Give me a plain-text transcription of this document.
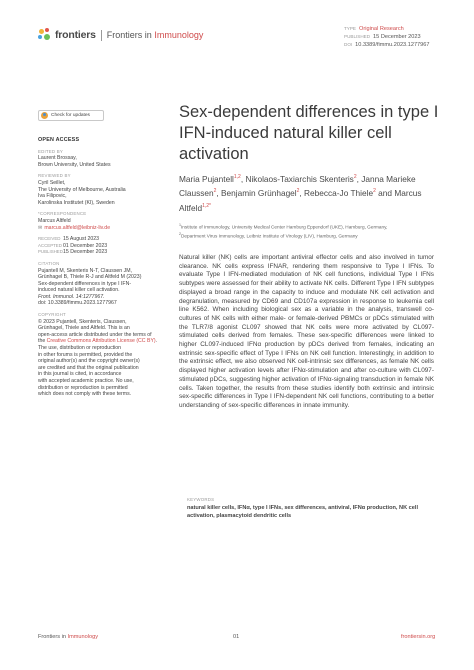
frontiers Frontiers in Immunology
TYPE Original Research
PUBLISHED 15 December 2023
DOI 10.3389/fimmu.2023.1277967
Check for updates
OPEN ACCESS
EDITED BY
Laurent Brossay,
Brown University, United States
REVIEWED BY
Cyril Seillet,
The University of Melbourne, Australia
Iva Filipovic,
Karolinska Institutet (KI), Sweden
*CORRESPONDENCE
Marcus Altfeld
✉ marcus.altfeld@leibniz-liv.de
RECEIVED 15 August 2023
ACCEPTED01 December 2023
PUBLISHED15 December 2023
CITATION
Pujantell M, Skenteris N-T, Claussen JM,
Grünhagel B, Thiele R-J and Altfeld M (2023)
Sex-dependent differences in type I IFN-
induced natural killer cell activation.
Front. Immunol. 14:1277967.
doi: 10.3389/fimmu.2023.1277967
COPYRIGHT
© 2023 Pujantell, Skenteris, Claussen,
Grünhagel, Thiele and Altfeld. This is an
open-access article distributed under the terms of
the Creative Commons Attribution License (CC BY). The use, distribution or reproduction
in other forums is permitted, provided the
original author(s) and the copyright owner(s)
are credited and that the original publication
in this journal is cited, in accordance
with accepted academic practice. No use,
distribution or reproduction is permitted
which does not comply with these terms.
Sex-dependent differences in type I IFN-induced natural killer cell activation
Maria Pujantell$^{1,2}$, Nikolaos-Taxiarchis Skenteris$^2$, Janna Marieke Claussen$^2$, Benjamin Grünhagel$^2$, Rebecca-Jo Thiele$^2$ and Marcus Altfeld$^{1,2*}$
$^1$Institute of Immunology, University Medical Center Hamburg Eppendorf (UKE), Hamburg, Germany, $^2$Department Virus Immunology, Leibniz Institute of Virology (LIV), Hamburg, Germany
Natural killer (NK) cells are important antiviral effector cells and also involved in tumor clearance. NK cells express IFNAR, rendering them responsive to Type I IFNs. To evaluate Type I IFN-mediated modulation of NK cell functions, individual Type I IFNs subtypes were assessed for their ability to activate NK cells. Different Type I IFN subtypes displayed a broad range in the capacity to induce and modulate NK cell activation and degranulation, measured by CD69 and CD107a expression in response to leukemia cell line K562. When including biological sex as a variable in the analysis, transwell co-cultures of NK cells with either male- or female-derived PBMCs or pDCs stimulated with the TLR7/8 agonist CL097 showed that NK cells were more activated by CL097-stimulated cells derived from females. These sex-specific differences were linked to higher CL097-induced IFNα production by pDCs derived from females, indicating an extrinsic sex-specific effect of Type I IFNs on NK cell function. Interestingly, in addition to the extrinsic effect, we also observed NK cell-intrinsic sex differences, as female NK cells displayed higher activation levels after IFNα-stimulation and after co-culture with CL097-stimulated pDCs, suggesting higher activation of IFNα-signaling transduction in female NK cells. Taken together, the results from these studies identify both extrinsic and intrinsic sex-specific differences in Type I IFN-dependent NK cell functions, contributing to a better understanding of sex-specific differences in innate immunity.
KEYWORDS
natural killer cells, IFNα, type I IFNs, sex differences, antiviral, IFNα production, NK cell activation, plasmacytoid dendritic cells
Frontiers in Immunology	01	frontiersin.org
